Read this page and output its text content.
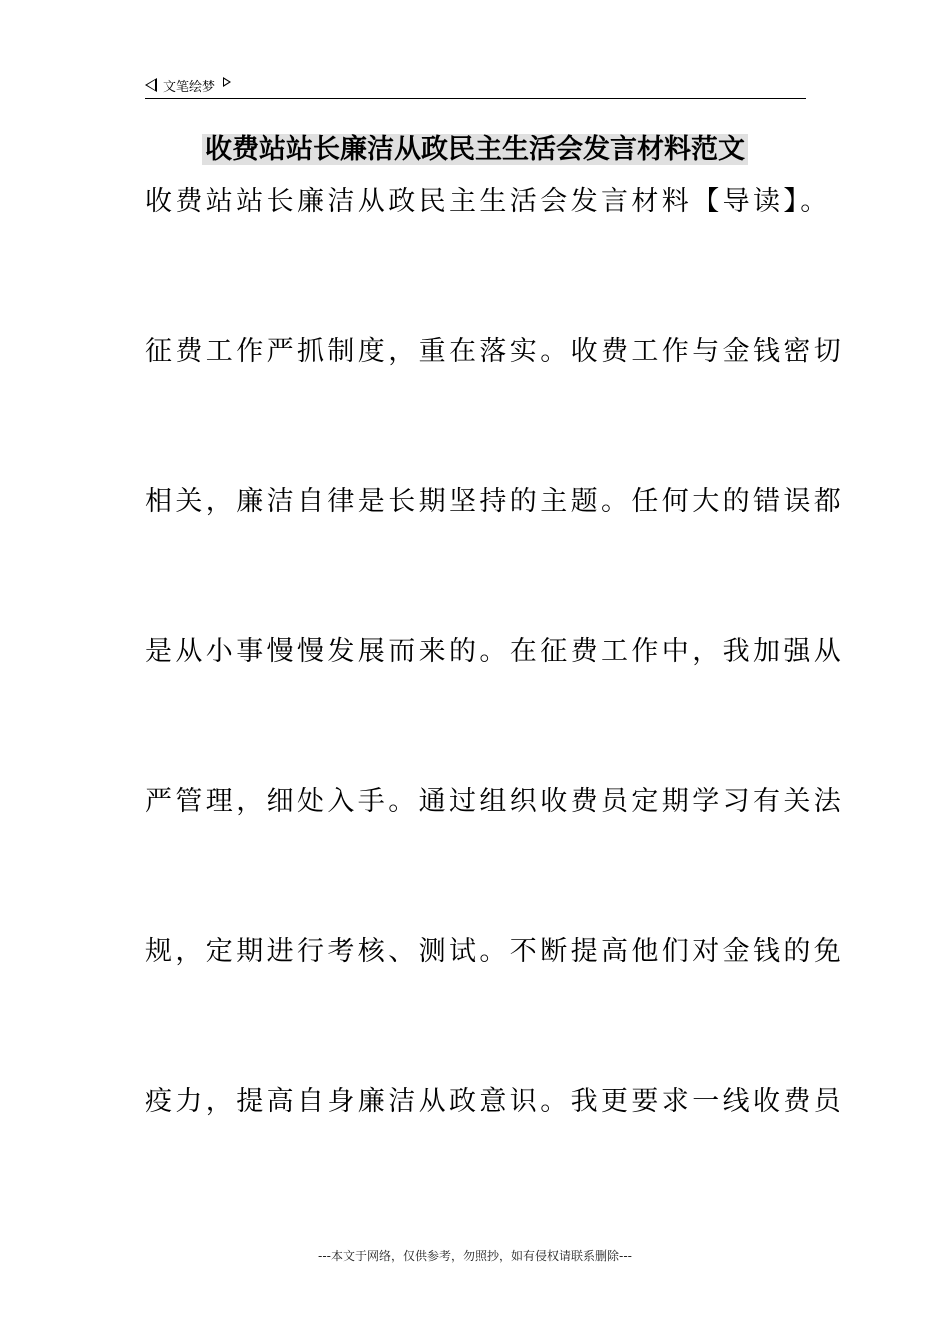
文笔绘梦
收费站站长廉洁从政民主生活会发言材料范文
收费站站长廉洁从政民主生活会发言材料【导读】。
征费工作严抓制度，重在落实。收费工作与金钱密切
相关，廉洁自律是长期坚持的主题。任何大的错误都
是从小事慢慢发展而来的。在征费工作中，我加强从
严管理，细处入手。通过组织收费员定期学习有关法
规，定期进行考核、测试。不断提高他们对金钱的免
疫力，提高自身廉洁从政意识。我更要求一线收费员
---本文于网络，仅供参考，勿照抄，如有侵权请联系删除---
